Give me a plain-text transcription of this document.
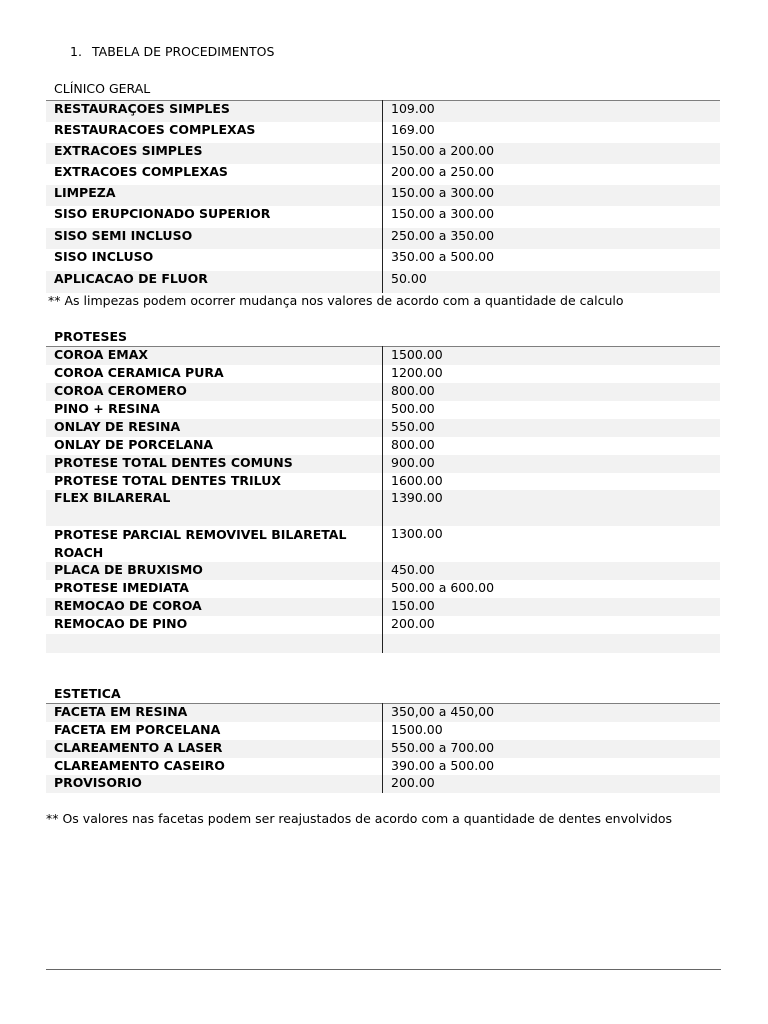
1. TABELA DE PROCEDIMENTOS
CLÍNICO GERAL
RESTAURAÇOES SIMPLES	109.00
RESTAURACOES COMPLEXAS	169.00
EXTRACOES SIMPLES	150.00 a 200.00
EXTRACOES COMPLEXAS	200.00 a 250.00
LIMPEZA	150.00 a 300.00
SISO ERUPCIONADO SUPERIOR	150.00 a 300.00
SISO SEMI INCLUSO	250.00 a 350.00
SISO INCLUSO	350.00 a 500.00
APLICACAO DE FLUOR	50.00
** As limpezas podem ocorrer mudança nos valores de acordo com a quantidade de calculo
PROTESES
COROA EMAX	1500.00
COROA CERAMICA PURA	1200.00
COROA CEROMERO	800.00
PINO + RESINA	500.00
ONLAY DE RESINA	550.00
ONLAY DE PORCELANA	800.00
PROTESE TOTAL DENTES COMUNS	900.00
PROTESE TOTAL DENTES TRILUX	1600.00
FLEX BILARERAL	1390.00
PROTESE PARCIAL REMOVIVEL BILARETAL
ROACH	1300.00
PLACA DE BRUXISMO	450.00
PROTESE IMEDIATA	500.00 a 600.00
REMOCAO DE COROA	150.00
REMOCAO DE PINO	200.00

ESTETICA
FACETA EM RESINA	350,00 a 450,00
FACETA EM PORCELANA	1500.00
CLAREAMENTO A LASER	550.00 a 700.00
CLAREAMENTO CASEIRO	390.00 a 500.00
PROVISORIO	200.00
** Os valores nas facetas podem ser reajustados de acordo com a quantidade de dentes envolvidos
